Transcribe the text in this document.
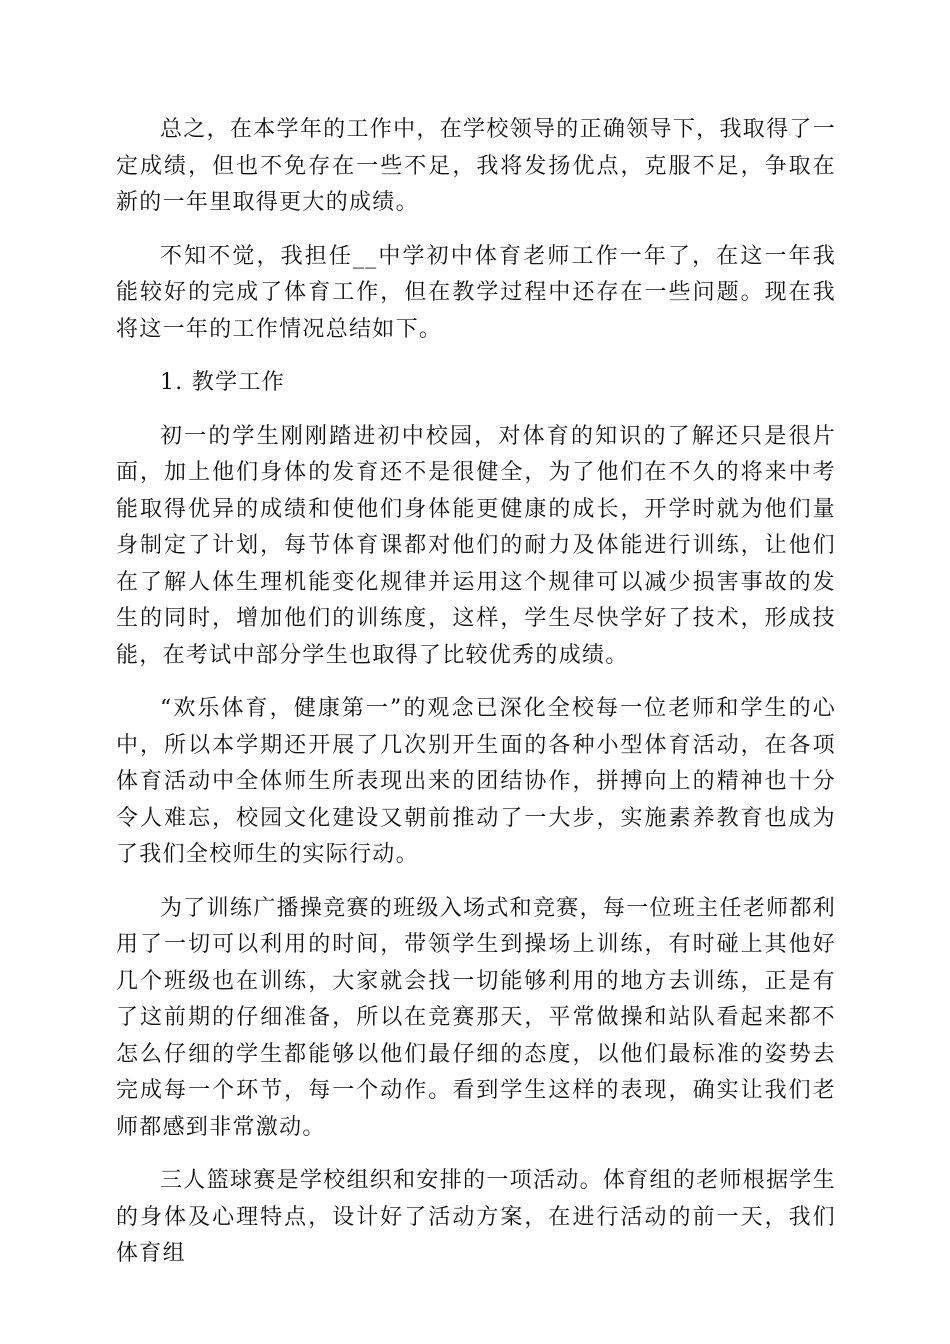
总之，在本学年的工作中，在学校领导的正确领导下，我取得了一定成绩，但也不免存在一些不足，我将发扬优点，克服不足，争取在新的一年里取得更大的成绩。

不知不觉，我担任__中学初中体育老师工作一年了，在这一年我能较好的完成了体育工作，但在教学过程中还存在一些问题。现在我将这一年的工作情况总结如下。

1. 教学工作

初一的学生刚刚踏进初中校园，对体育的知识的了解还只是很片面，加上他们身体的发育还不是很健全，为了他们在不久的将来中考能取得优异的成绩和使他们身体能更健康的成长，开学时就为他们量身制定了计划，每节体育课都对他们的耐力及体能进行训练，让他们在了解人体生理机能变化规律并运用这个规律可以减少损害事故的发生的同时，增加他们的训练度，这样，学生尽快学好了技术，形成技能，在考试中部分学生也取得了比较优秀的成绩。

“欢乐体育，健康第一”的观念已深化全校每一位老师和学生的心中，所以本学期还开展了几次别开生面的各种小型体育活动，在各项体育活动中全体师生所表现出来的团结协作，拼搏向上的精神也十分令人难忘，校园文化建设又朝前推动了一大步，实施素养教育也成为了我们全校师生的实际行动。

为了训练广播操竞赛的班级入场式和竞赛，每一位班主任老师都利用了一切可以利用的时间，带领学生到操场上训练，有时碰上其他好几个班级也在训练，大家就会找一切能够利用的地方去训练，正是有了这前期的仔细准备，所以在竞赛那天，平常做操和站队看起来都不怎么仔细的学生都能够以他们最仔细的态度，以他们最标准的姿势去完成每一个环节，每一个动作。看到学生这样的表现，确实让我们老师都感到非常激动。

三人篮球赛是学校组织和安排的一项活动。体育组的老师根据学生的身体及心理特点，设计好了活动方案，在进行活动的前一天，我们体育组
